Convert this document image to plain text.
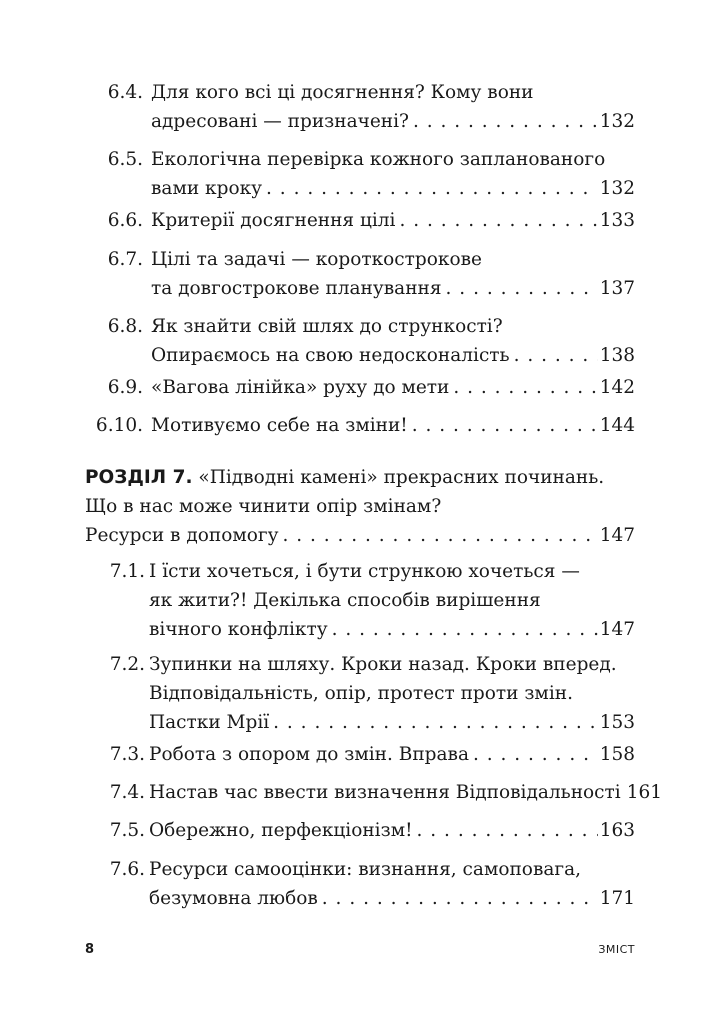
6.4. Для кого всі ці досягнення? Кому вони
адресовані — призначені? . . .	132
6.5. Екологічна перевірка кожного запланованого
вами кроку . . .	132
6.6. Критерії досягнення цілі . . .	133
6.7. Цілі та задачі — короткострокове
та довгострокове планування . . .	137
6.8. Як знайти свій шлях до стрункості?
Опираємось на свою недосконалість . . .	138
6.9. «Вагова лінійка» руху до мети . . .	142
6.10. Мотивуємо себе на зміни! . . .	144
РОЗДІЛ 7.
«Підводні камені» прекрасних починань.
Що в нас може чинити опір змінам?
Ресурси в допомогу . . .	147
7.1. І їсти хочеться, і бути стрункою хочеться —
як жити?! Декілька способів вирішення
вічного конфлікту . . .	147
7.2. Зупинки на шляху. Кроки назад. Кроки вперед.
Відповідальність, опір, протест проти змін.
Пастки Мрії . . .	153
7.3. Робота з опором до змін. Вправа . . .	158
7.4. Настав час ввести визначення Відповідальності 161
7.5. Обережно, перфекціонізм! . . .	163
7.6. Ресурси самооцінки: визнання, самоповага,
безумовна любов . . .	171
8	ЗМІСТ
